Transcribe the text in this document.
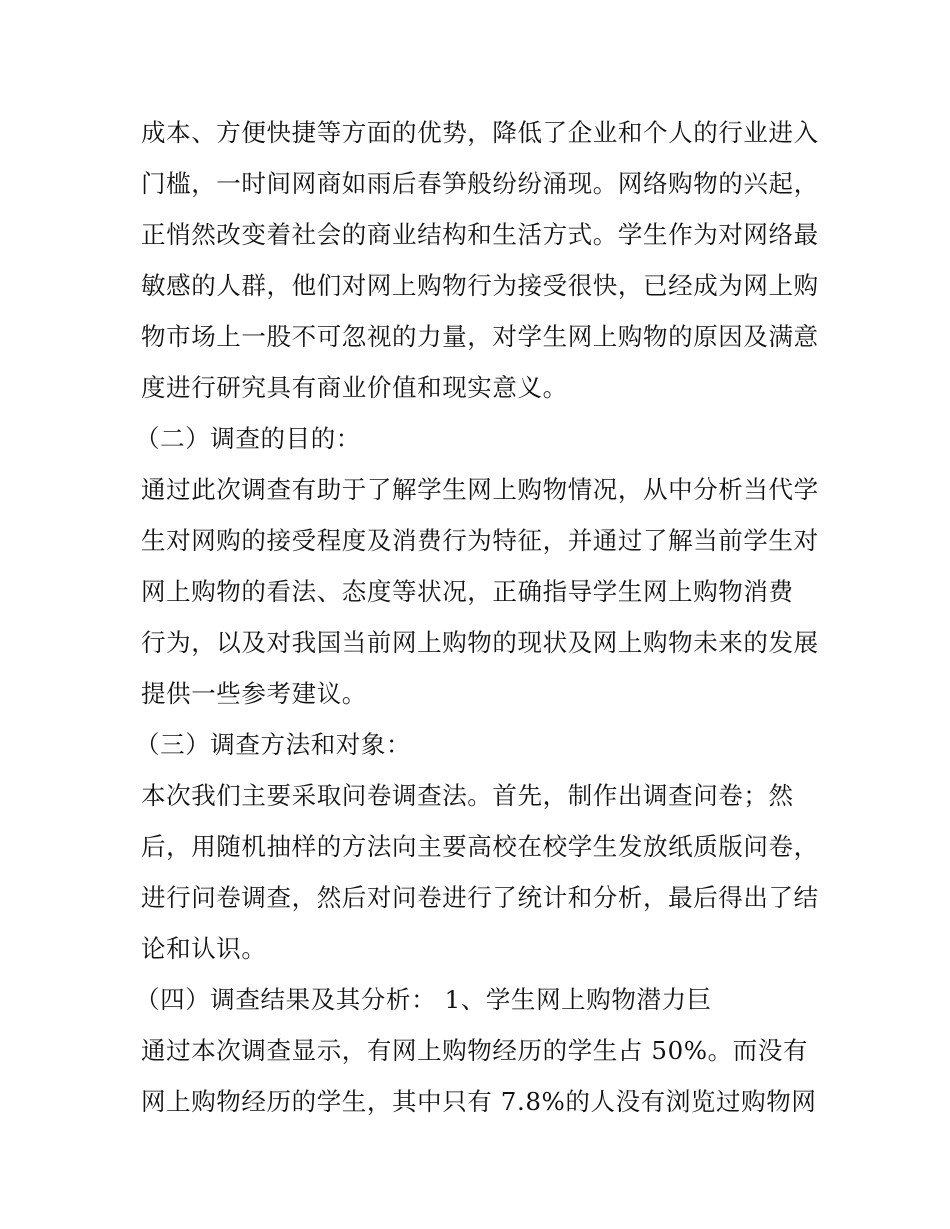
成本、方便快捷等方面的优势，降低了企业和个人的行业进入

门槛，一时间网商如雨后春笋般纷纷涌现。网络购物的兴起，

正悄然改变着社会的商业结构和生活方式。学生作为对网络最

敏感的人群，他们对网上购物行为接受很快，已经成为网上购

物市场上一股不可忽视的力量，对学生网上购物的原因及满意

度进行研究具有商业价值和现实意义。

（二）调查的目的：

通过此次调查有助于了解学生网上购物情况，从中分析当代学

生对网购的接受程度及消费行为特征，并通过了解当前学生对

网上购物的看法、态度等状况，正确指导学生网上购物消费

行为，以及对我国当前网上购物的现状及网上购物未来的发展

提供一些参考建议。

（三）调查方法和对象：

本次我们主要采取问卷调查法。首先，制作出调查问卷；然

后，用随机抽样的方法向主要高校在校学生发放纸质版问卷，

进行问卷调查，然后对问卷进行了统计和分析，最后得出了结

论和认识。

（四）调查结果及其分析： 1、学生网上购物潜力巨

通过本次调查显示，有网上购物经历的学生占 50%。而没有

网上购物经历的学生，其中只有 7.8%的人没有浏览过购物网
